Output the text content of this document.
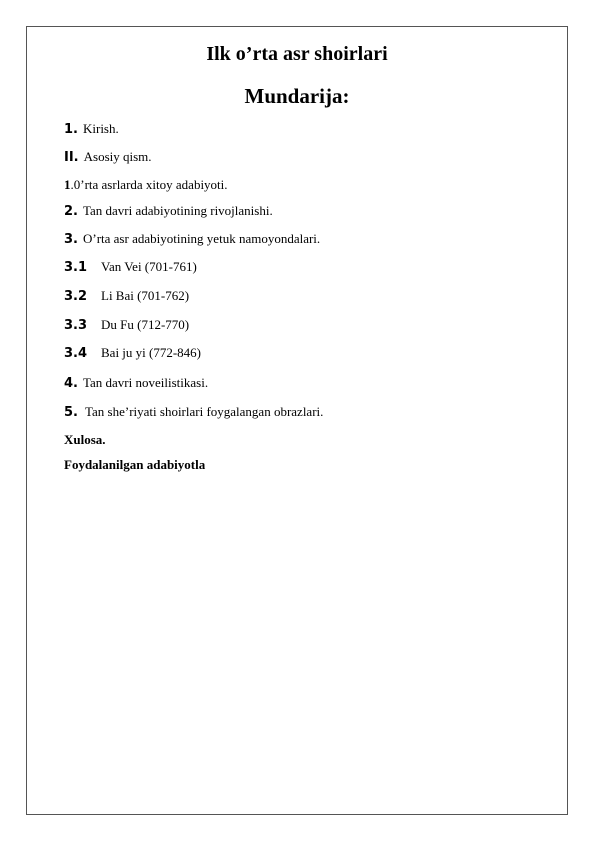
Ilk o’rta asr shoirlari
Mundarija:
1. Kirish.
II. Asosiy qism.
1.0’rta asrlarda xitoy adabiyoti.
2. Tan davri adabiyotining rivojlanishi.
3. O’rta asr adabiyotining yetuk namoyondalari.
3.1 Van Vei (701-761)
3.2 Li Bai (701-762)
3.3 Du Fu (712-770)
3.4 Bai ju yi (772-846)
4. Tan davri noveilistikasi.
5. Tan she’riyati shoirlari foygalangan obrazlari.
Xulosa.
Foydalanilgan adabiyotla
